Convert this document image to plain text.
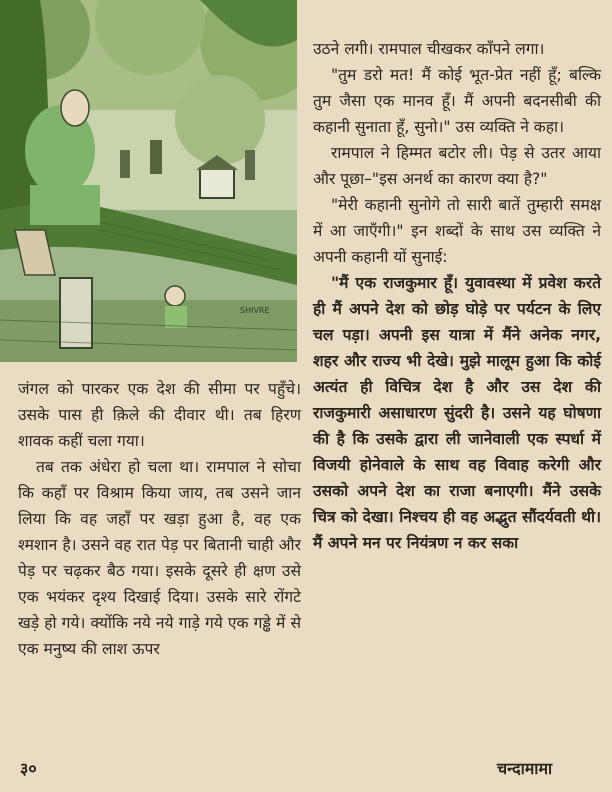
SHIVRE

उठने लगी। रामपाल चीखकर काँपने लगा।

"तुम डरो मत! मैं कोई भूत-प्रेत नहीं हूँ; बल्कि तुम जैसा एक मानव हूँ। मैं अपनी बदनसीबी की कहानी सुनाता हूँ, सुनो।" उस व्यक्ति ने कहा।

रामपाल ने हिम्मत बटोर ली। पेड़ से उतर आया और पूछा–"इस अनर्थ का कारण क्या है?"

"मेरी कहानी सुनोगे तो सारी बातें तुम्हारी समक्ष में आ जाएँगी।" इन शब्दों के साथ उस व्यक्ति ने अपनी कहानी यों सुनाई:

"मैं एक राजकुमार हूँ। युवावस्था में प्रवेश करते ही मैं अपने देश को छोड़ घोड़े पर पर्यटन के लिए चल पड़ा। अपनी इस यात्रा में मैंने अनेक नगर, शहर और राज्य भी देखे। मुझे मालूम हुआ कि कोई अत्यंत ही विचित्र देश है और उस देश की राजकुमारी असाधारण सुंदरी है। उसने यह घोषणा की है कि उसके द्वारा ली जानेवाली एक स्पर्धा में विजयी होनेवाले के साथ वह विवाह करेगी और उसको अपने देश का राजा बनाएगी। मैंने उसके चित्र को देखा। निश्चय ही वह अद्भुत सौंदर्यवती थी। मैं अपने मन पर नियंत्रण न कर सका

जंगल को पारकर एक देश की सीमा पर पहुँचे। उसके पास ही क़िले की दीवार थी। तब हिरण शावक कहीं चला गया।

तब तक अंधेरा हो चला था। रामपाल ने सोचा कि कहाँ पर विश्राम किया जाय, तब उसने जान लिया कि वह जहाँ पर खड़ा हुआ है, वह एक श्मशान है। उसने वह रात पेड़ पर बितानी चाही और पेड़ पर चढ़कर बैठ गया। इसके दूसरे ही क्षण उसे एक भयंकर दृश्य दिखाई दिया। उसके सारे रोंगटे खड़े हो गये। क्योंकि नये नये गाड़े गये एक गड्ढे में से एक मनुष्य की लाश ऊपर

३०	चन्दामामा
